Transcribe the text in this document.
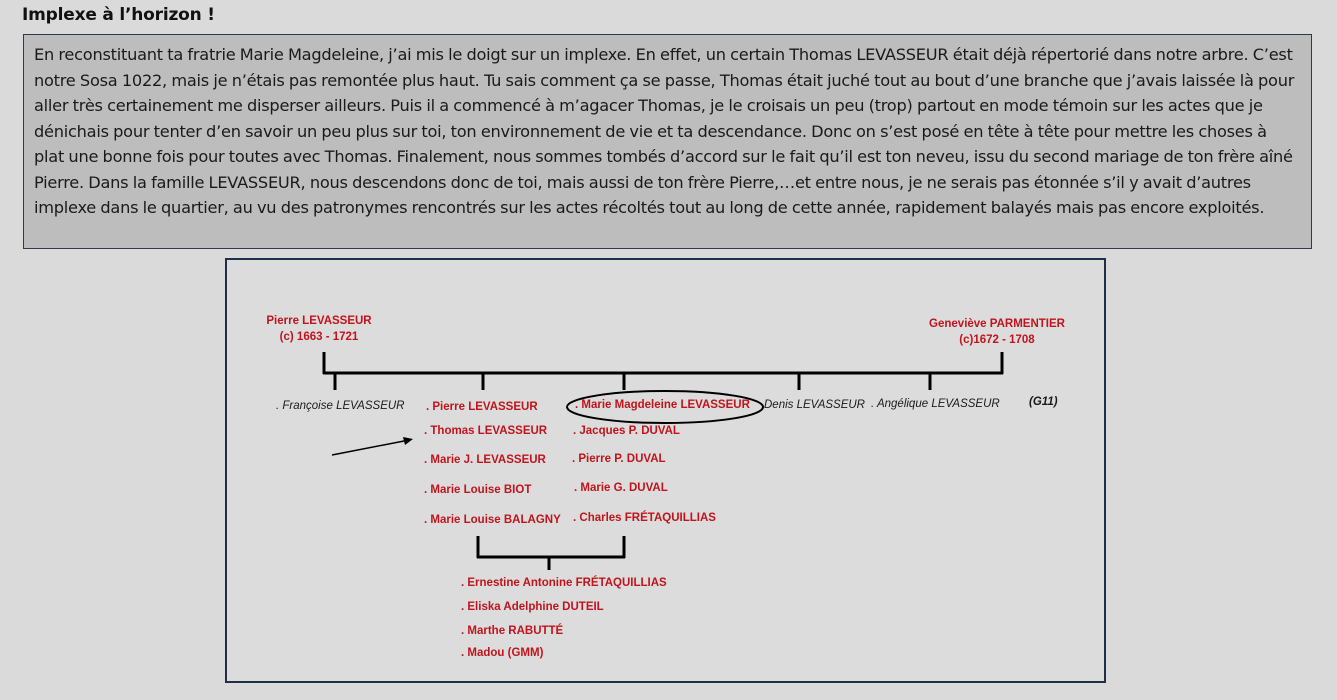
Implexe à l’horizon !
En reconstituant ta fratrie Marie Magdeleine, j’ai mis le doigt sur un implexe. En effet, un certain Thomas LEVASSEUR était déjà répertorié dans notre arbre. C’est notre Sosa 1022, mais je n’étais pas remontée plus haut. Tu sais comment ça se passe, Thomas était juché tout au bout d’une branche que j’avais laissée là pour aller très certainement me disperser ailleurs. Puis il a commencé à m’agacer Thomas, je le croisais un peu (trop) partout en mode témoin sur les actes que je dénichais pour tenter d’en savoir un peu plus sur toi, ton environnement de vie et ta descendance. Donc on s’est posé en tête à tête pour mettre les choses à plat une bonne fois pour toutes avec Thomas. Finalement, nous sommes tombés d’accord sur le fait qu’il est ton neveu, issu du second mariage de ton frère aîné Pierre. Dans la famille LEVASSEUR, nous descendons donc de toi, mais aussi de ton frère Pierre,…et entre nous, je ne serais pas étonnée s’il y avait d’autres implexe dans le quartier, au vu des patronymes rencontrés sur les actes récoltés tout au long de cette année, rapidement balayés mais pas encore exploités.
Pierre LEVASSEUR
(c) 1663 - 1721
Geneviève PARMENTIER
(c)1672 - 1708
. Françoise LEVASSEUR . Pierre LEVASSEUR	. Marie Magdeleine LEVASSEUR Denis LEVASSEUR . Angélique LEVASSEUR	(G11)
. Thomas LEVASSEUR
. Marie J. LEVASSEUR
. Marie Louise BIOT
. Marie Louise BALAGNY
. Jacques P. DUVAL
. Pierre P. DUVAL
. Marie G. DUVAL
. Charles FRÉTAQUILLIAS
. Ernestine Antonine FRÉTAQUILLIAS
. Eliska Adelphine DUTEIL
. Marthe RABUTTÉ
. Madou (GMM)
